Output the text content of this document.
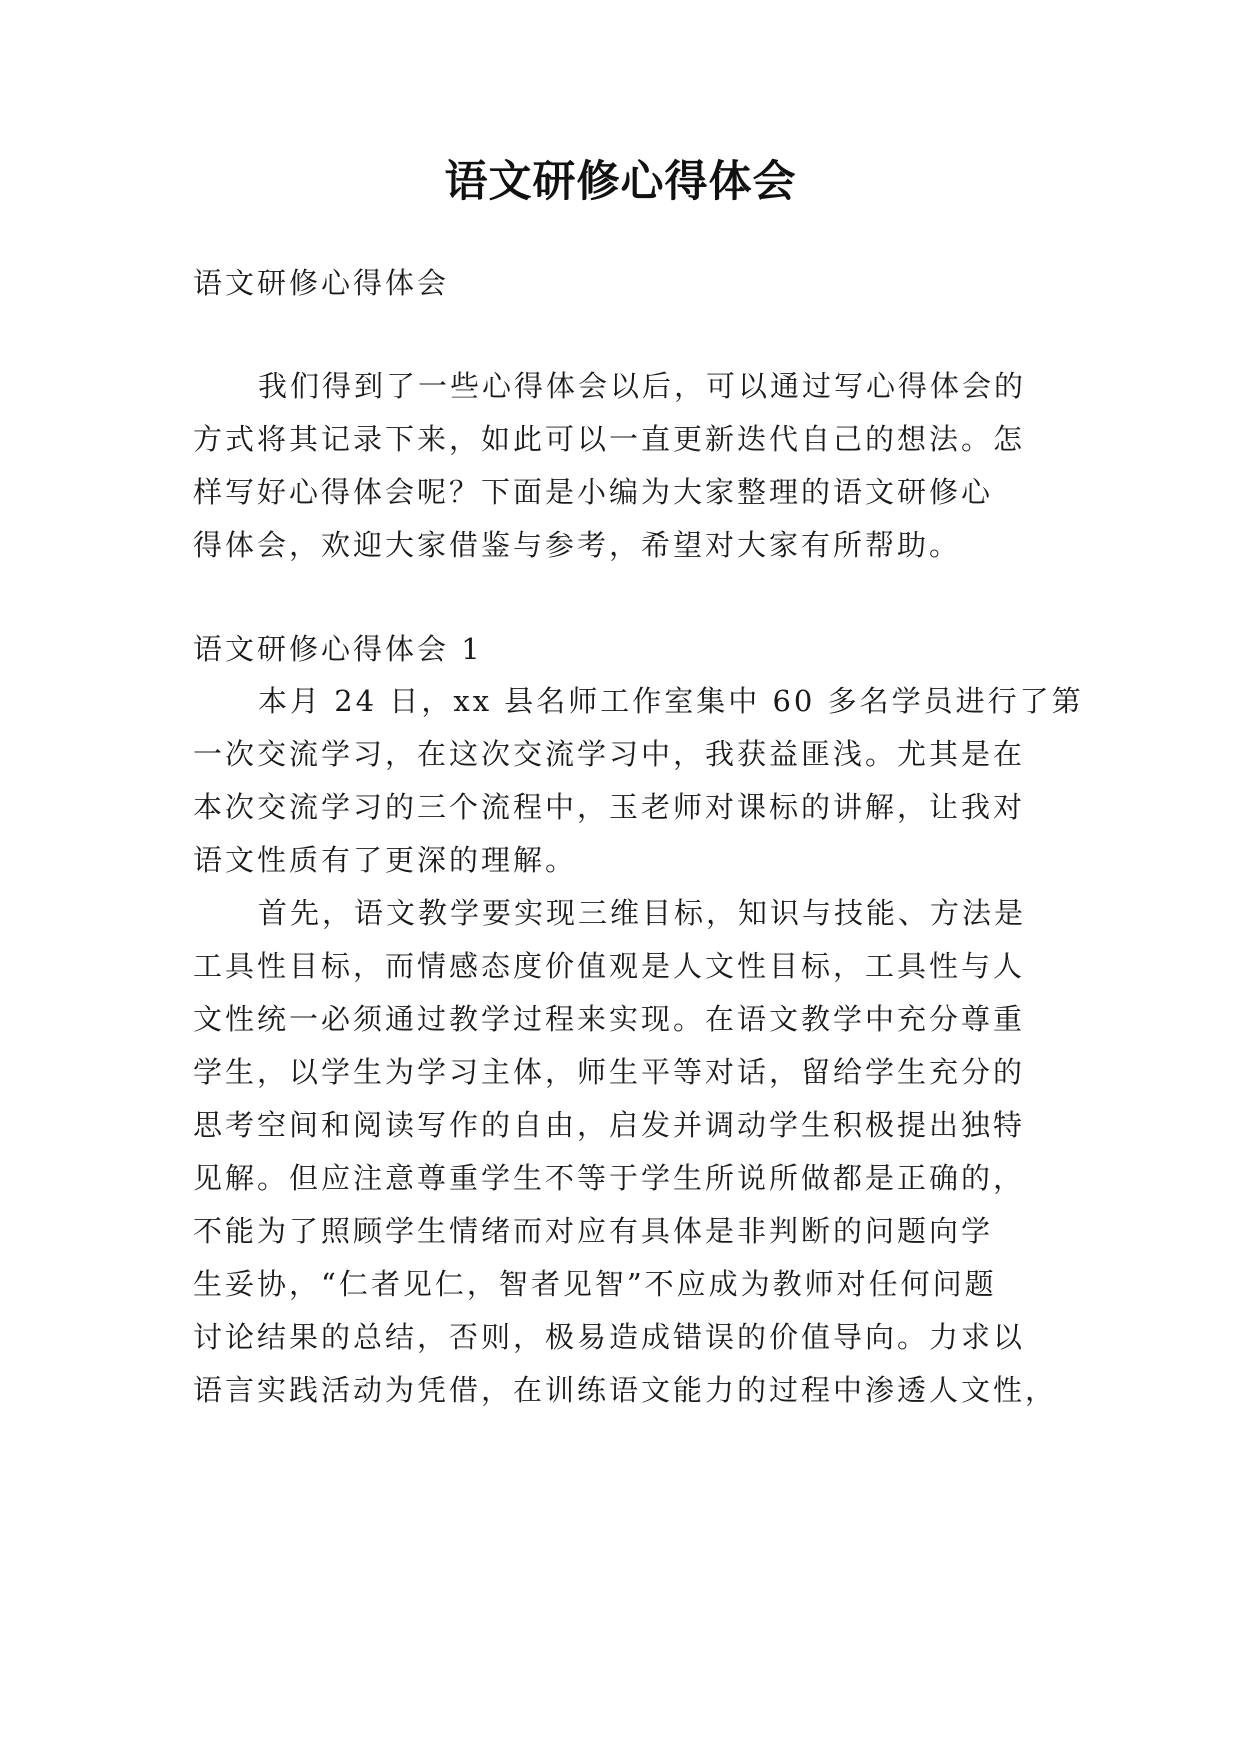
语文研修心得体会
语文研修心得体会
我们得到了一些心得体会以后，可以通过写心得体会的
方式将其记录下来，如此可以一直更新迭代自己的想法。怎
样写好心得体会呢？下面是小编为大家整理的语文研修心
得体会，欢迎大家借鉴与参考，希望对大家有所帮助。
语文研修心得体会 1
本月 24 日，xx 县名师工作室集中 60 多名学员进行了第
一次交流学习，在这次交流学习中，我获益匪浅。尤其是在
本次交流学习的三个流程中，玉老师对课标的讲解，让我对
语文性质有了更深的理解。
首先，语文教学要实现三维目标，知识与技能、方法是
工具性目标，而情感态度价值观是人文性目标，工具性与人
文性统一必须通过教学过程来实现。在语文教学中充分尊重
学生，以学生为学习主体，师生平等对话，留给学生充分的
思考空间和阅读写作的自由，启发并调动学生积极提出独特
见解。但应注意尊重学生不等于学生所说所做都是正确的，
不能为了照顾学生情绪而对应有具体是非判断的问题向学
生妥协，“仁者见仁，智者见智”不应成为教师对任何问题
讨论结果的总结，否则，极易造成错误的价值导向。力求以
语言实践活动为凭借，在训练语文能力的过程中渗透人文性，
